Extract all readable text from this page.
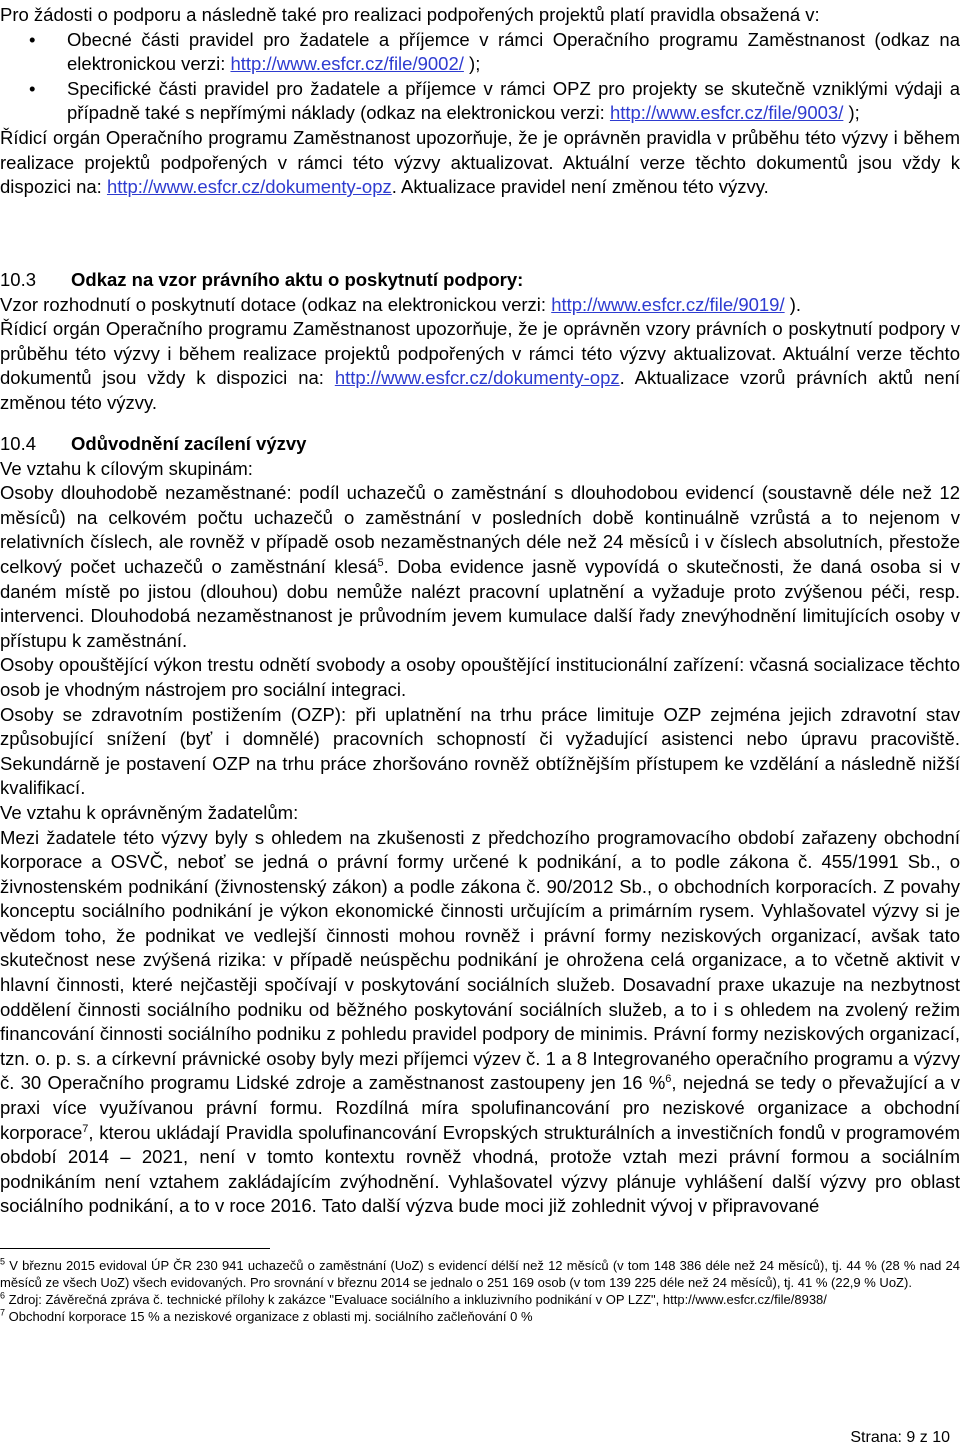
Pro žádosti o podporu a následně také pro realizaci podpořených projektů platí pravidla obsažená v:

• Obecné části pravidel pro žadatele a příjemce v rámci Operačního programu Zaměstnanost (odkaz na elektronickou verzi: http://www.esfcr.cz/file/9002/ );
• Specifické části pravidel pro žadatele a příjemce v rámci OPZ pro projekty se skutečně vzniklými výdaji a případně také s nepřímými náklady (odkaz na elektronickou verzi: http://www.esfcr.cz/file/9003/ );

Řídicí orgán Operačního programu Zaměstnanost upozorňuje, že je oprávněn pravidla v průběhu této výzvy i během realizace projektů podpořených v rámci této výzvy aktualizovat. Aktuální verze těchto dokumentů jsou vždy k dispozici na: http://www.esfcr.cz/dokumenty-opz. Aktualizace pravidel není změnou této výzvy.

10.3 Odkaz na vzor právního aktu o poskytnutí podpory:

Vzor rozhodnutí o poskytnutí dotace (odkaz na elektronickou verzi: http://www.esfcr.cz/file/9019/ ).

Řídicí orgán Operačního programu Zaměstnanost upozorňuje, že je oprávněn vzory právních o poskytnutí podpory v průběhu této výzvy i během realizace projektů podpořených v rámci této výzvy aktualizovat. Aktuální verze těchto dokumentů jsou vždy k dispozici na: http://www.esfcr.cz/dokumenty-opz. Aktualizace vzorů právních aktů není změnou této výzvy.

10.4 Odůvodnění zacílení výzvy

Ve vztahu k cílovým skupinám:

Osoby dlouhodobě nezaměstnané: podíl uchazečů o zaměstnání s dlouhodobou evidencí (soustavně déle než 12 měsíců) na celkovém počtu uchazečů o zaměstnání v posledních době kontinuálně vzrůstá a to nejenom v relativních číslech, ale rovněž v případě osob nezaměstnaných déle než 24 měsíců i v číslech absolutních, přestože celkový počet uchazečů o zaměstnání klesá$^5$. Doba evidence jasně vypovídá o skutečnosti, že daná osoba si v daném místě po jistou (dlouhou) dobu nemůže nalézt pracovní uplatnění a vyžaduje proto zvýšenou péči, resp. intervenci. Dlouhodobá nezaměstnanost je průvodním jevem kumulace další řady znevýhodnění limitujících osoby v přístupu k zaměstnání.

Osoby opouštějící výkon trestu odnětí svobody a osoby opouštějící institucionální zařízení: včasná socializace těchto osob je vhodným nástrojem pro sociální integraci.

Osoby se zdravotním postižením (OZP): při uplatnění na trhu práce limituje OZP zejména jejich zdravotní stav způsobující snížení (byť i domnělé) pracovních schopností či vyžadující asistenci nebo úpravu pracoviště. Sekundárně je postavení OZP na trhu práce zhoršováno rovněž obtížnějším přístupem ke vzdělání a následně nižší kvalifikací.

Ve vztahu k oprávněným žadatelům:

Mezi žadatele této výzvy byly s ohledem na zkušenosti z předchozího programovacího období zařazeny obchodní korporace a OSVČ, neboť se jedná o právní formy určené k podnikání, a to podle zákona č. 455/1991 Sb., o živnostenském podnikání (živnostenský zákon) a podle zákona č. 90/2012 Sb., o obchodních korporacích. Z povahy konceptu sociálního podnikání je výkon ekonomické činnosti určujícím a primárním rysem. Vyhlašovatel výzvy si je vědom toho, že podnikat ve vedlejší činnosti mohou rovněž i právní formy neziskových organizací, avšak tato skutečnost nese zvýšená rizika: v případě neúspěchu podnikání je ohrožena celá organizace, a to včetně aktivit v hlavní činnosti, které nejčastěji spočívají v poskytování sociálních služeb. Dosavadní praxe ukazuje na nezbytnost oddělení činnosti sociálního podniku od běžného poskytování sociálních služeb, a to i s ohledem na zvolený režim financování činnosti sociálního podniku z pohledu pravidel podpory de minimis. Právní formy neziskových organizací, tzn. o. p. s. a církevní právnické osoby byly mezi příjemci výzev č. 1 a 8 Integrovaného operačního programu a výzvy č. 30 Operačního programu Lidské zdroje a zaměstnanost zastoupeny jen 16 %$^6$, nejedná se tedy o převažující a v praxi více využívanou právní formu. Rozdílná míra spolufinancování pro neziskové organizace a obchodní korporace$^7$, kterou ukládají Pravidla spolufinancování Evropských strukturálních a investičních fondů v programovém období 2014 – 2021, není v tomto kontextu rovněž vhodná, protože vztah mezi právní formou a sociálním podnikáním není vztahem zakládajícím zvýhodnění. Vyhlašovatel výzvy plánuje vyhlášení další výzvy pro oblast sociálního podnikání, a to v roce 2016. Tato další výzva bude moci již zohlednit vývoj v připravované

$^5$ V březnu 2015 evidoval ÚP ČR 230 941 uchazečů o zaměstnání (UoZ) s evidencí délší než 12 měsíců (v tom 148 386 déle než 24 měsíců), tj. 44 % (28 % nad 24 měsíců ze všech UoZ) všech evidovaných. Pro srovnání v březnu 2014 se jednalo o 251 169 osob (v tom 139 225 déle než 24 měsíců), tj. 41 % (22,9 % UoZ).

$^6$ Zdroj: Závěrečná zpráva č. technické přílohy k zakázce "Evaluace sociálního a inkluzivního podnikání v OP LZZ", http://www.esfcr.cz/file/8938/

$^7$ Obchodní korporace 15 % a neziskové organizace z oblasti mj. sociálního začleňování 0 %

Strana: 9 z 10
